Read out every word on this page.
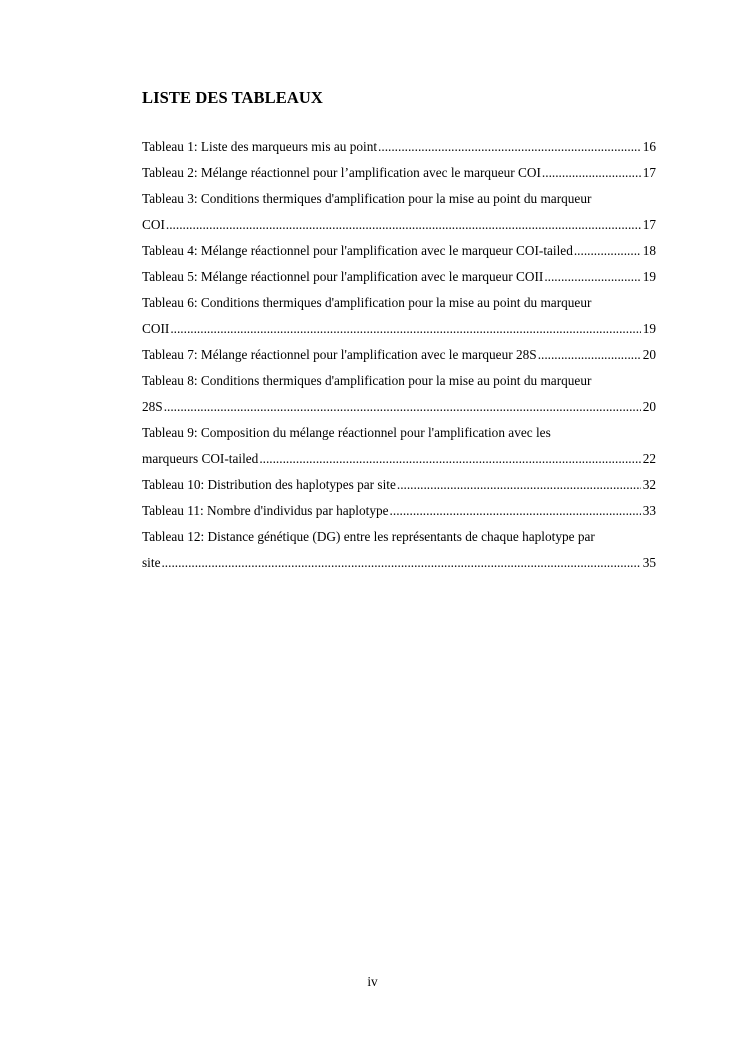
LISTE DES TABLEAUX
Tableau 1: Liste des marqueurs mis au point .....	16
Tableau 2: Mélange réactionnel pour l’amplification avec le marqueur COI .....	17
Tableau 3: Conditions thermiques d'amplification pour la mise au point du marqueur
COI .....	17
Tableau 4: Mélange réactionnel pour l'amplification avec le marqueur COI-tailed .....	18
Tableau 5: Mélange réactionnel pour l'amplification avec le marqueur COII .....	19
Tableau 6: Conditions thermiques d'amplification pour la mise au point du marqueur
COII .....	19
Tableau 7: Mélange réactionnel pour l'amplification avec le marqueur 28S .....	20
Tableau 8: Conditions thermiques d'amplification pour la mise au point du marqueur
28S .....	20
Tableau 9: Composition du mélange réactionnel pour l'amplification avec les
marqueurs COI-tailed .....	22
Tableau 10: Distribution des haplotypes par site .....	32
Tableau 11: Nombre d'individus par haplotype .....	33
Tableau 12: Distance génétique (DG) entre les représentants de chaque haplotype par
site .....	35
iv
